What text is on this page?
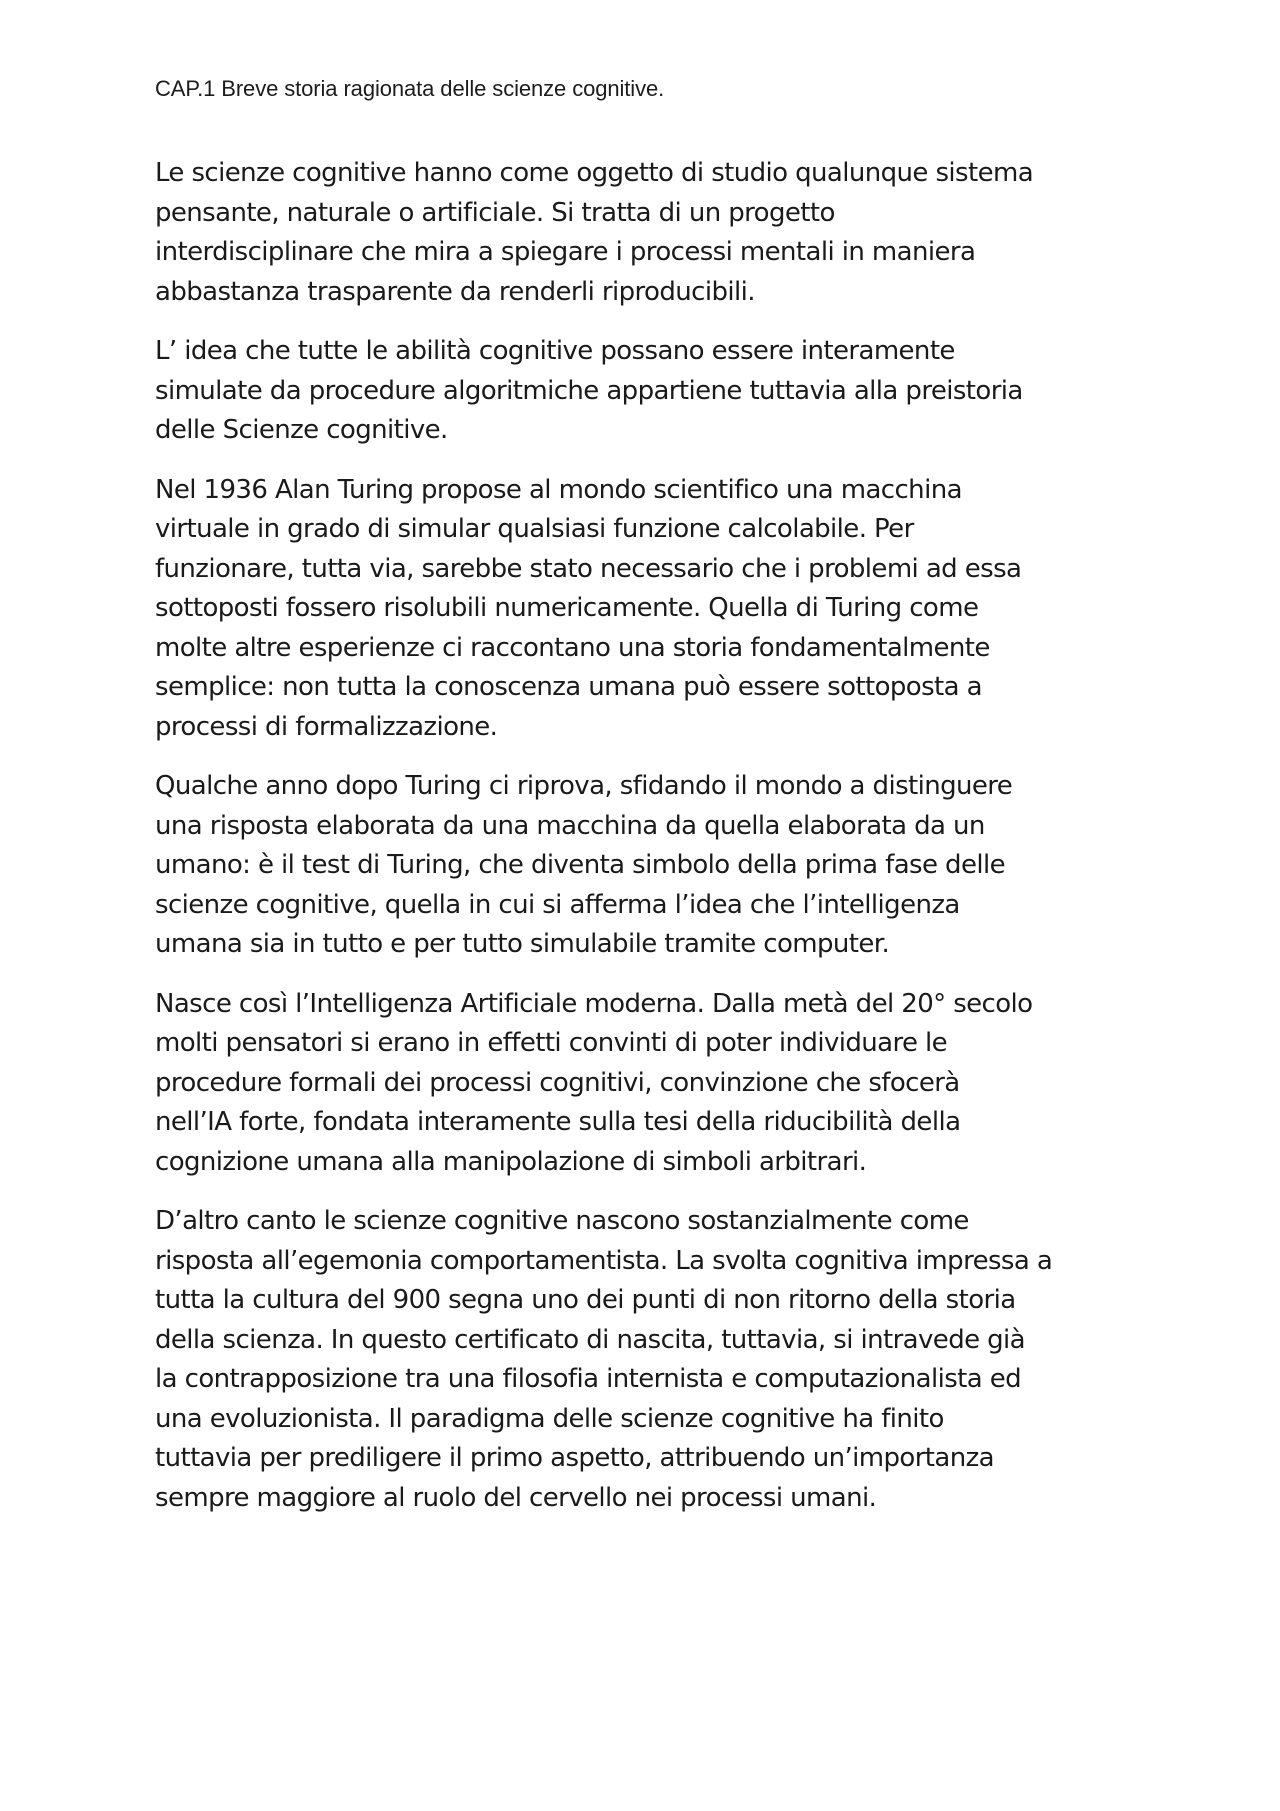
CAP.1 Breve storia ragionata delle scienze cognitive.

Le scienze cognitive hanno come oggetto di studio qualunque sistema
pensante, naturale o artificiale. Si tratta di un progetto
interdisciplinare che mira a spiegare i processi mentali in maniera
abbastanza trasparente da renderli riproducibili.

L’ idea che tutte le abilità cognitive possano essere interamente
simulate da procedure algoritmiche appartiene tuttavia alla preistoria
delle Scienze cognitive.

Nel 1936 Alan Turing propose al mondo scientifico una macchina
virtuale in grado di simular qualsiasi funzione calcolabile. Per
funzionare, tutta via, sarebbe stato necessario che i problemi ad essa
sottoposti fossero risolubili numericamente. Quella di Turing come
molte altre esperienze ci raccontano una storia fondamentalmente
semplice: non tutta la conoscenza umana può essere sottoposta a
processi di formalizzazione.

Qualche anno dopo Turing ci riprova, sfidando il mondo a distinguere
una risposta elaborata da una macchina da quella elaborata da un
umano: è il test di Turing, che diventa simbolo della prima fase delle
scienze cognitive, quella in cui si afferma l’idea che l’intelligenza
umana sia in tutto e per tutto simulabile tramite computer.

Nasce così l’Intelligenza Artificiale moderna. Dalla metà del 20° secolo
molti pensatori si erano in effetti convinti di poter individuare le
procedure formali dei processi cognitivi, convinzione che sfocerà
nell’IA forte, fondata interamente sulla tesi della riducibilità della
cognizione umana alla manipolazione di simboli arbitrari.

D’altro canto le scienze cognitive nascono sostanzialmente come
risposta all’egemonia comportamentista. La svolta cognitiva impressa a
tutta la cultura del 900 segna uno dei punti di non ritorno della storia
della scienza. In questo certificato di nascita, tuttavia, si intravede già
la contrapposizione tra una filosofia internista e computazionalista ed
una evoluzionista. Il paradigma delle scienze cognitive ha finito
tuttavia per prediligere il primo aspetto, attribuendo un’importanza
sempre maggiore al ruolo del cervello nei processi umani.
